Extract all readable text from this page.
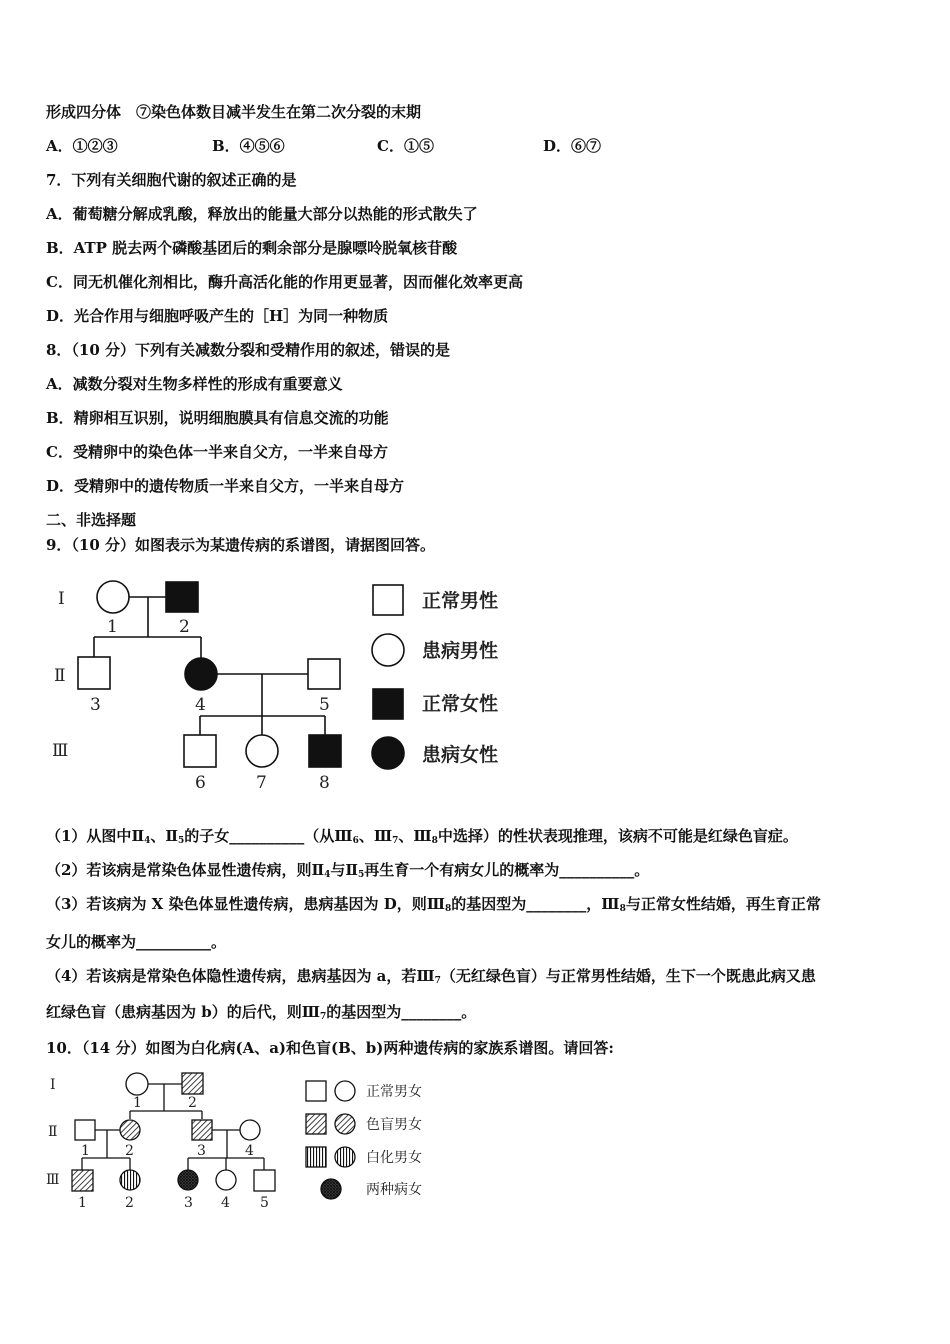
形成四分体　⑦染色体数目减半发生在第二次分裂的末期
A．①②③	B．④⑤⑥	C．①⑤	D．⑥⑦
7．下列有关细胞代谢的叙述正确的是
A．葡萄糖分解成乳酸，释放出的能量大部分以热能的形式散失了
B．ATP 脱去两个磷酸基团后的剩余部分是腺嘌呤脱氧核苷酸
C．同无机催化剂相比，酶升高活化能的作用更显著，因而催化效率更高
D．光合作用与细胞呼吸产生的［H］为同一种物质
8．（10 分）下列有关减数分裂和受精作用的叙述，错误的是
A．减数分裂对生物多样性的形成有重要意义
B．精卵相互识别，说明细胞膜具有信息交流的功能
C．受精卵中的染色体一半来自父方，一半来自母方
D．受精卵中的遗传物质一半来自父方，一半来自母方
二、非选择题
9．（10 分）如图表示为某遗传病的系谱图，请据图回答。
Ⅰ
Ⅱ
Ⅲ
1	2
3	4	5
6	7	8
正常男性
患病男性
正常女性
患病女性
（1）从图中$Ⅱ_4$、$Ⅱ_5$的子女__________（从$Ⅲ_6$、$Ⅲ_7$、$Ⅲ_8$中选择）的性状表现推理，该病不可能是红绿色盲症。
（2）若该病是常染色体显性遗传病，则$Ⅱ_4$与$Ⅱ_5$再生育一个有病女儿的概率为__________。
（3）若该病为 X 染色体显性遗传病，患病基因为 D，则$Ⅲ_8$的基因型为________，$Ⅲ_8$与正常女性结婚，再生育正常
女儿的概率为__________。
（4）若该病是常染色体隐性遗传病，患病基因为 a，若$Ⅲ_7$（无红绿色盲）与正常男性结婚，生下一个既患此病又患
红绿色盲（患病基因为 b）的后代，则$Ⅲ_7$的基因型为________。
10．（14 分）如图为白化病(A、a)和色盲(B、b)两种遗传病的家族系谱图。请回答:
Ⅰ
Ⅱ
Ⅲ
1	2
1	2	3	4
1	2	3 4 5
正常男女
色盲男女
白化男女
两种病女
